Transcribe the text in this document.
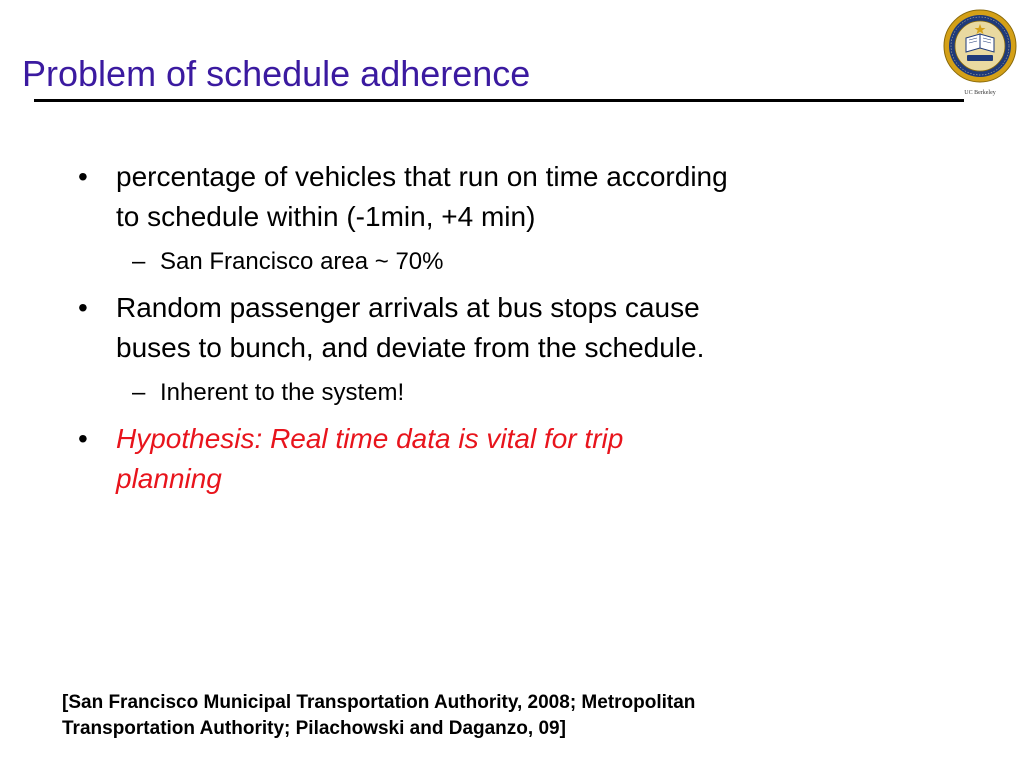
Problem of schedule adherence	UC Berkeley
• percentage of vehicles that run on time according
to schedule within (-1min, +4 min)
– San Francisco area ~ 70%
• Random passenger arrivals at bus stops cause
buses to bunch, and deviate from the schedule.
– Inherent to the system!
• Hypothesis: Real time data is vital for trip
planning
[San Francisco Municipal Transportation Authority, 2008; Metropolitan
Transportation Authority; Pilachowski and Daganzo, 09]
